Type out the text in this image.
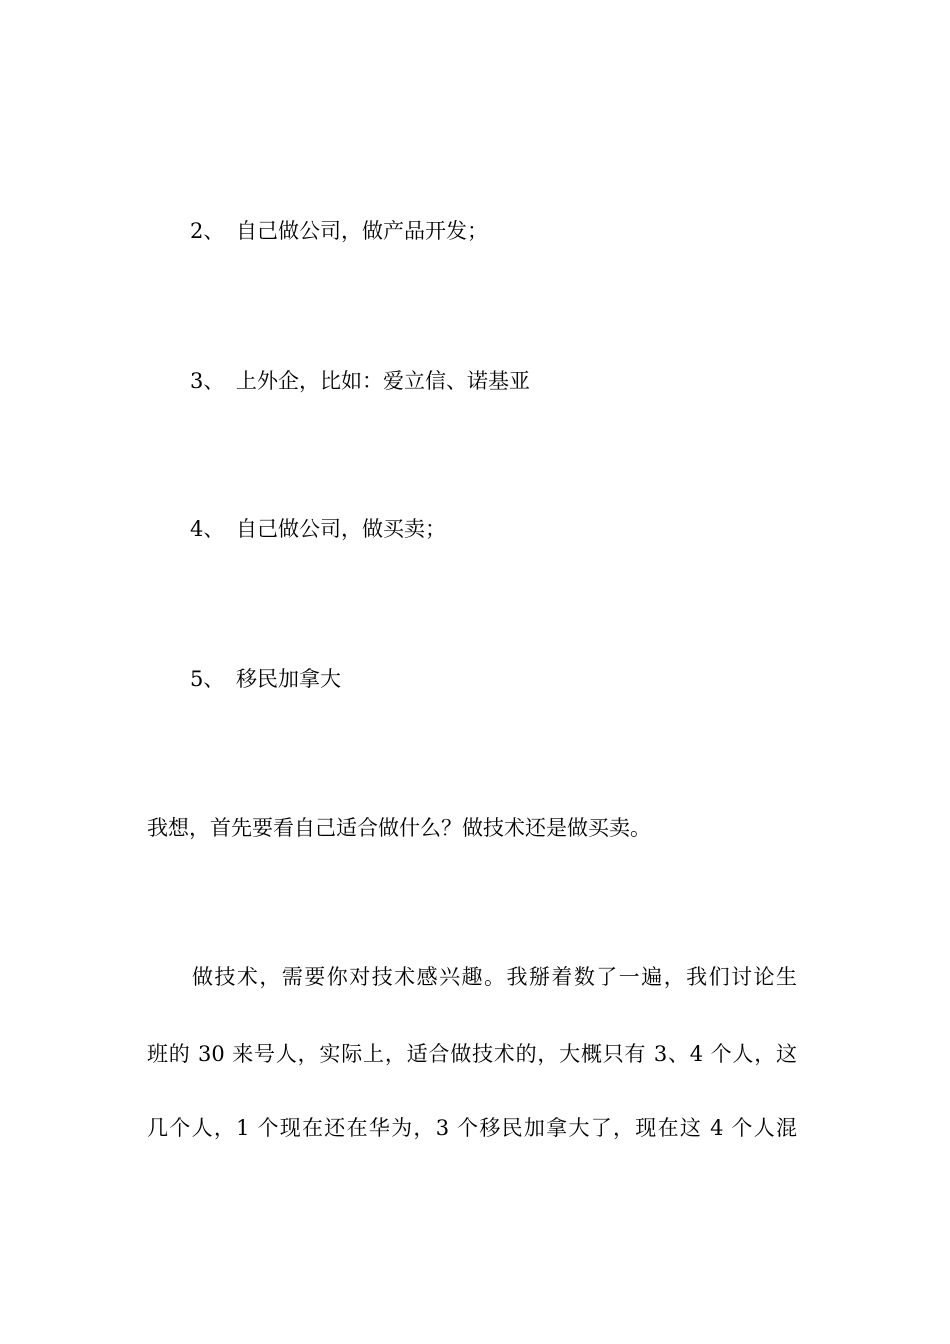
2、 自己做公司，做产品开发；
3、 上外企，比如：爱立信、诺基亚
4、 自己做公司，做买卖；
5、 移民加拿大
我想，首先要看自己适合做什么？做技术还是做买卖。
做技术，需要你对技术感兴趣。我掰着数了一遍，我们讨论生
班的 30 来号人，实际上，适合做技术的，大概只有 3、4 个人，这
几个人，1 个现在还在华为，3 个移民加拿大了，现在这 4 个人混
